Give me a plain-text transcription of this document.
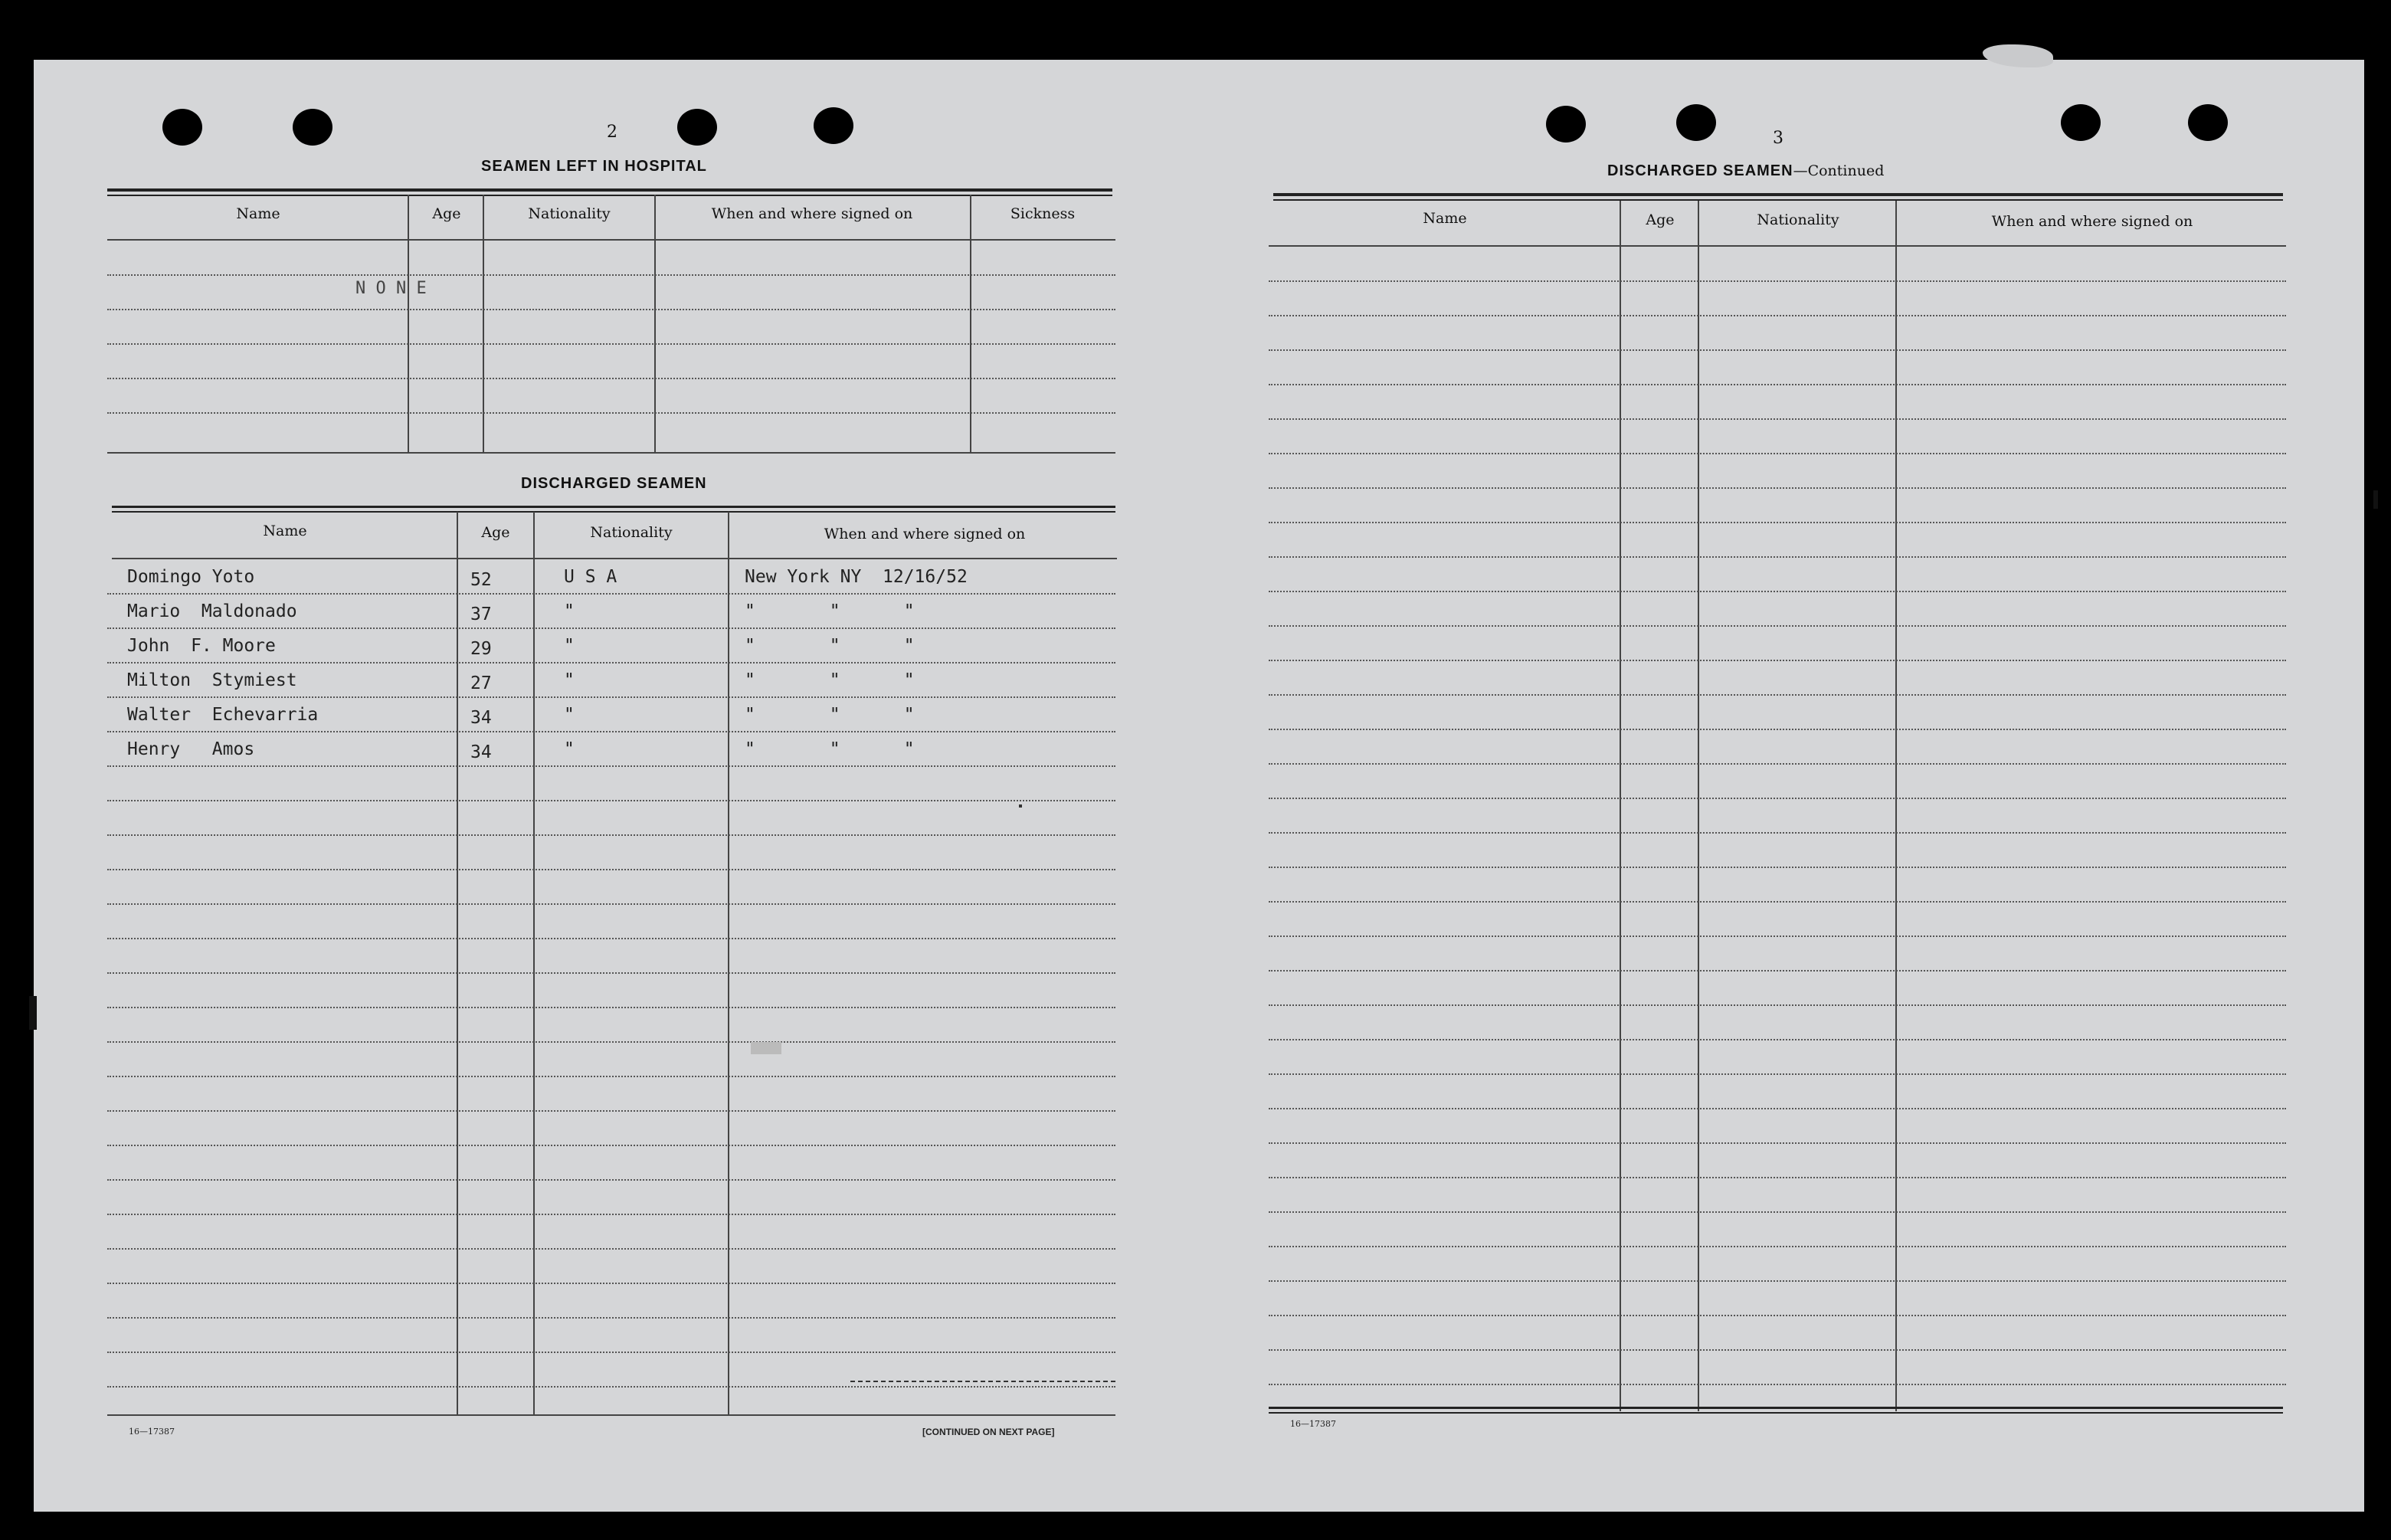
2
SEAMEN LEFT IN HOSPITAL
Name	Age	Nationality	When and where signed on	Sickness
N O N E
DISCHARGED SEAMEN
Name	Age	Nationality	When and where signed on
Domingo Yoto	52	U S A	New York NY  12/16/52
Mario  Maldonado	37	"	"       "      "
John  F. Moore	29	"	"       "      "
Milton  Stymiest	27	"	"       "      "
Walter  Echevarria	34	"	"       "      "
Henry   Amos	34	"	"       "      "
16—17387	[CONTINUED ON NEXT PAGE]
3
DISCHARGED SEAMEN—Continued
Name	Age	Nationality	When and where signed on
16—17387
